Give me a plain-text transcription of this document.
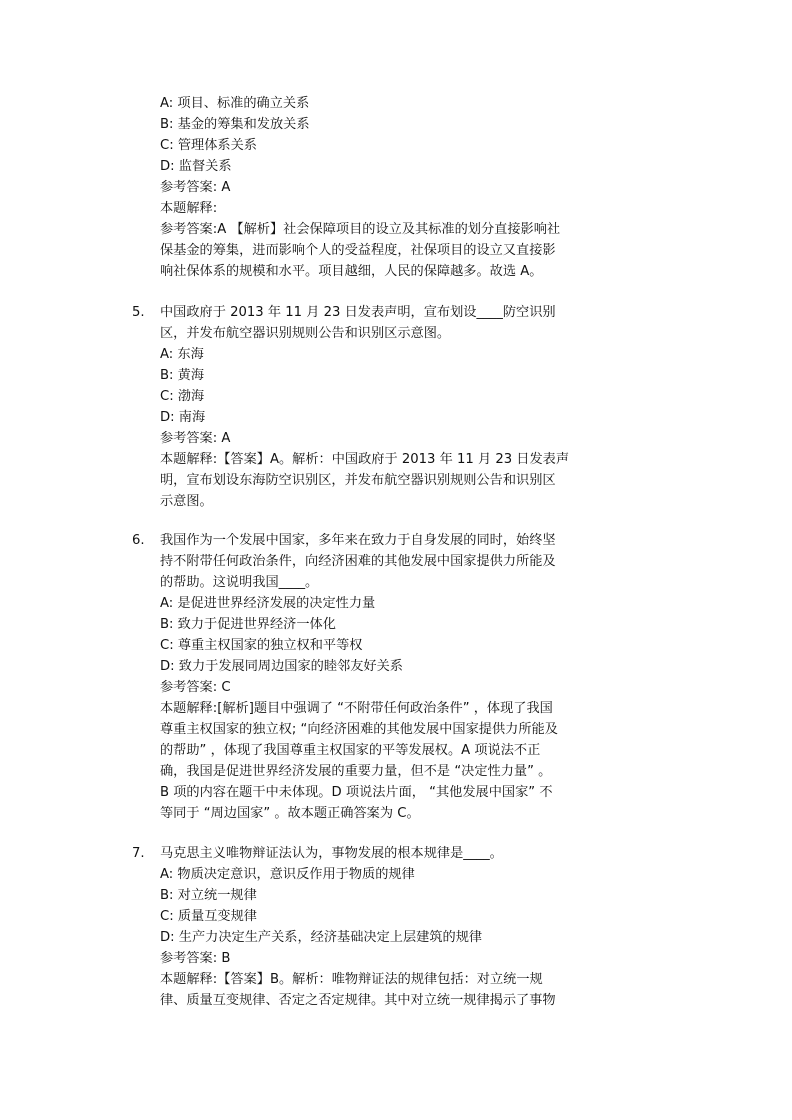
A: 项目、标准的确立关系
B: 基金的筹集和发放关系
C: 管理体系关系
D: 监督关系
参考答案: A
本题解释:
参考答案:A 【解析】社会保障项目的设立及其标准的划分直接影响社
保基金的筹集，进而影响个人的受益程度，社保项目的设立又直接影
响社保体系的规模和水平。项目越细，人民的保障越多。故选 A。
5.	中国政府于 2013 年 11 月 23 日发表声明，宣布划设____防空识别
区，并发布航空器识别规则公告和识别区示意图。
A: 东海
B: 黄海
C: 渤海
D: 南海
参考答案: A
本题解释:【答案】A。解析：中国政府于 2013 年 11 月 23 日发表声
明，宣布划设东海防空识别区，并发布航空器识别规则公告和识别区
示意图。
6.	我国作为一个发展中国家，多年来在致力于自身发展的同时，始终坚
持不附带任何政治条件，向经济困难的其他发展中国家提供力所能及
的帮助。这说明我国____。
A: 是促进世界经济发展的决定性力量
B: 致力于促进世界经济一体化
C: 尊重主权国家的独立权和平等权
D: 致力于发展同周边国家的睦邻友好关系
参考答案: C
本题解释:[解析]题目中强调了 “不附带任何政治条件” ，体现了我国
尊重主权国家的独立权; “向经济困难的其他发展中国家提供力所能及
的帮助” ，体现了我国尊重主权国家的平等发展权。A 项说法不正
确，我国是促进世界经济发展的重要力量，但不是 “决定性力量” 。
B 项的内容在题干中未体现。D 项说法片面， “其他发展中国家” 不
等同于 “周边国家” 。故本题正确答案为 C。
7.	马克思主义唯物辩证法认为，事物发展的根本规律是____。
A: 物质决定意识，意识反作用于物质的规律
B: 对立统一规律
C: 质量互变规律
D: 生产力决定生产关系，经济基础决定上层建筑的规律
参考答案: B
本题解释:【答案】B。解析：唯物辩证法的规律包括：对立统一规
律、质量互变规律、否定之否定规律。其中对立统一规律揭示了事物
